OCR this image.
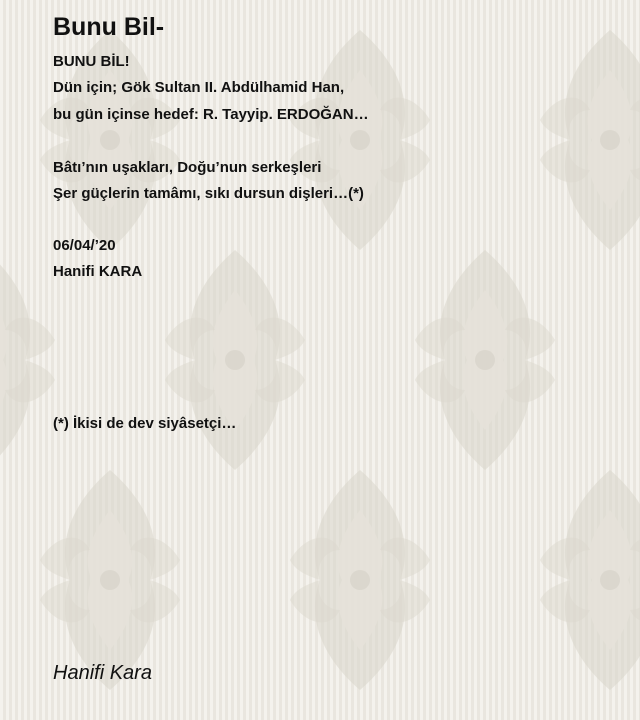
Bunu Bil-

BUNU BİL!

Dün için; Gök Sultan II. Abdülhamid Han,

bu gün içinse hedef: R. Tayyip. ERDOĞAN…

Bâtı’nın uşakları, Doğu’nun serkeşleri

Şer güçlerin tamâmı, sıkı dursun dişleri…(*)

06/04/’20

Hanifi KARA

(*) İkisi de dev siyâsetçi…

Hanifi Kara
